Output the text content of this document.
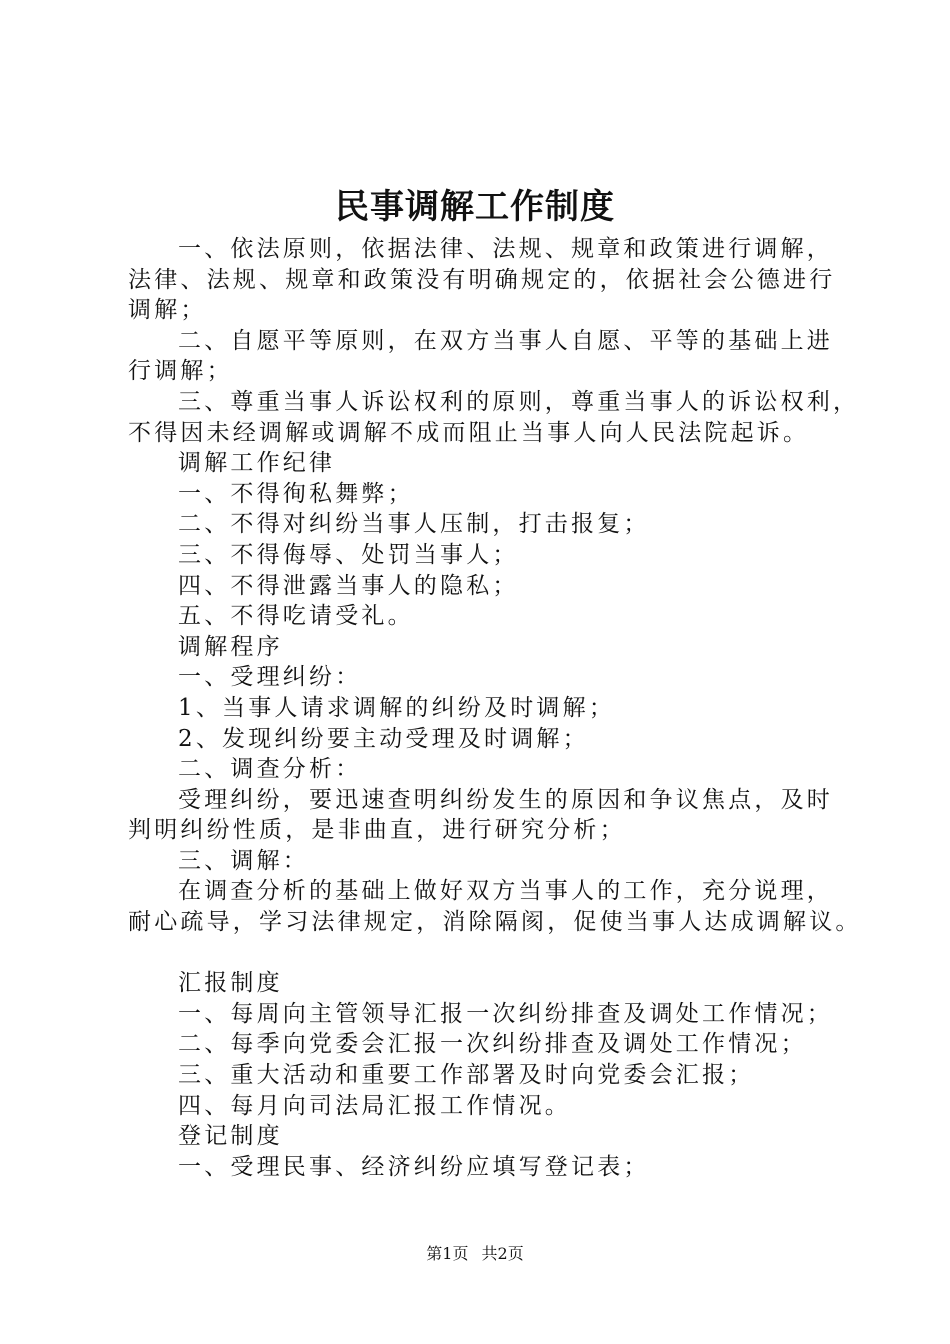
民事调解工作制度
一、依法原则，依据法律、法规、规章和政策进行调解，
法律、法规、规章和政策没有明确规定的，依据社会公德进行
调解；
二、自愿平等原则，在双方当事人自愿、平等的基础上进
行调解；
三、尊重当事人诉讼权利的原则，尊重当事人的诉讼权利，
不得因未经调解或调解不成而阻止当事人向人民法院起诉。
调解工作纪律
一、不得徇私舞弊；
二、不得对纠纷当事人压制，打击报复；
三、不得侮辱、处罚当事人；
四、不得泄露当事人的隐私；
五、不得吃请受礼。
调解程序
一、受理纠纷：
1、当事人请求调解的纠纷及时调解；
2、发现纠纷要主动受理及时调解；
二、调查分析：
受理纠纷，要迅速查明纠纷发生的原因和争议焦点，及时
判明纠纷性质，是非曲直，进行研究分析；
三、调解：
在调查分析的基础上做好双方当事人的工作，充分说理，
耐心疏导，学习法律规定，消除隔阂，促使当事人达成调解议。
汇报制度
一、每周向主管领导汇报一次纠纷排查及调处工作情况；
二、每季向党委会汇报一次纠纷排查及调处工作情况；
三、重大活动和重要工作部署及时向党委会汇报；
四、每月向司法局汇报工作情况。
登记制度
一、受理民事、经济纠纷应填写登记表；
第1页 共2页
